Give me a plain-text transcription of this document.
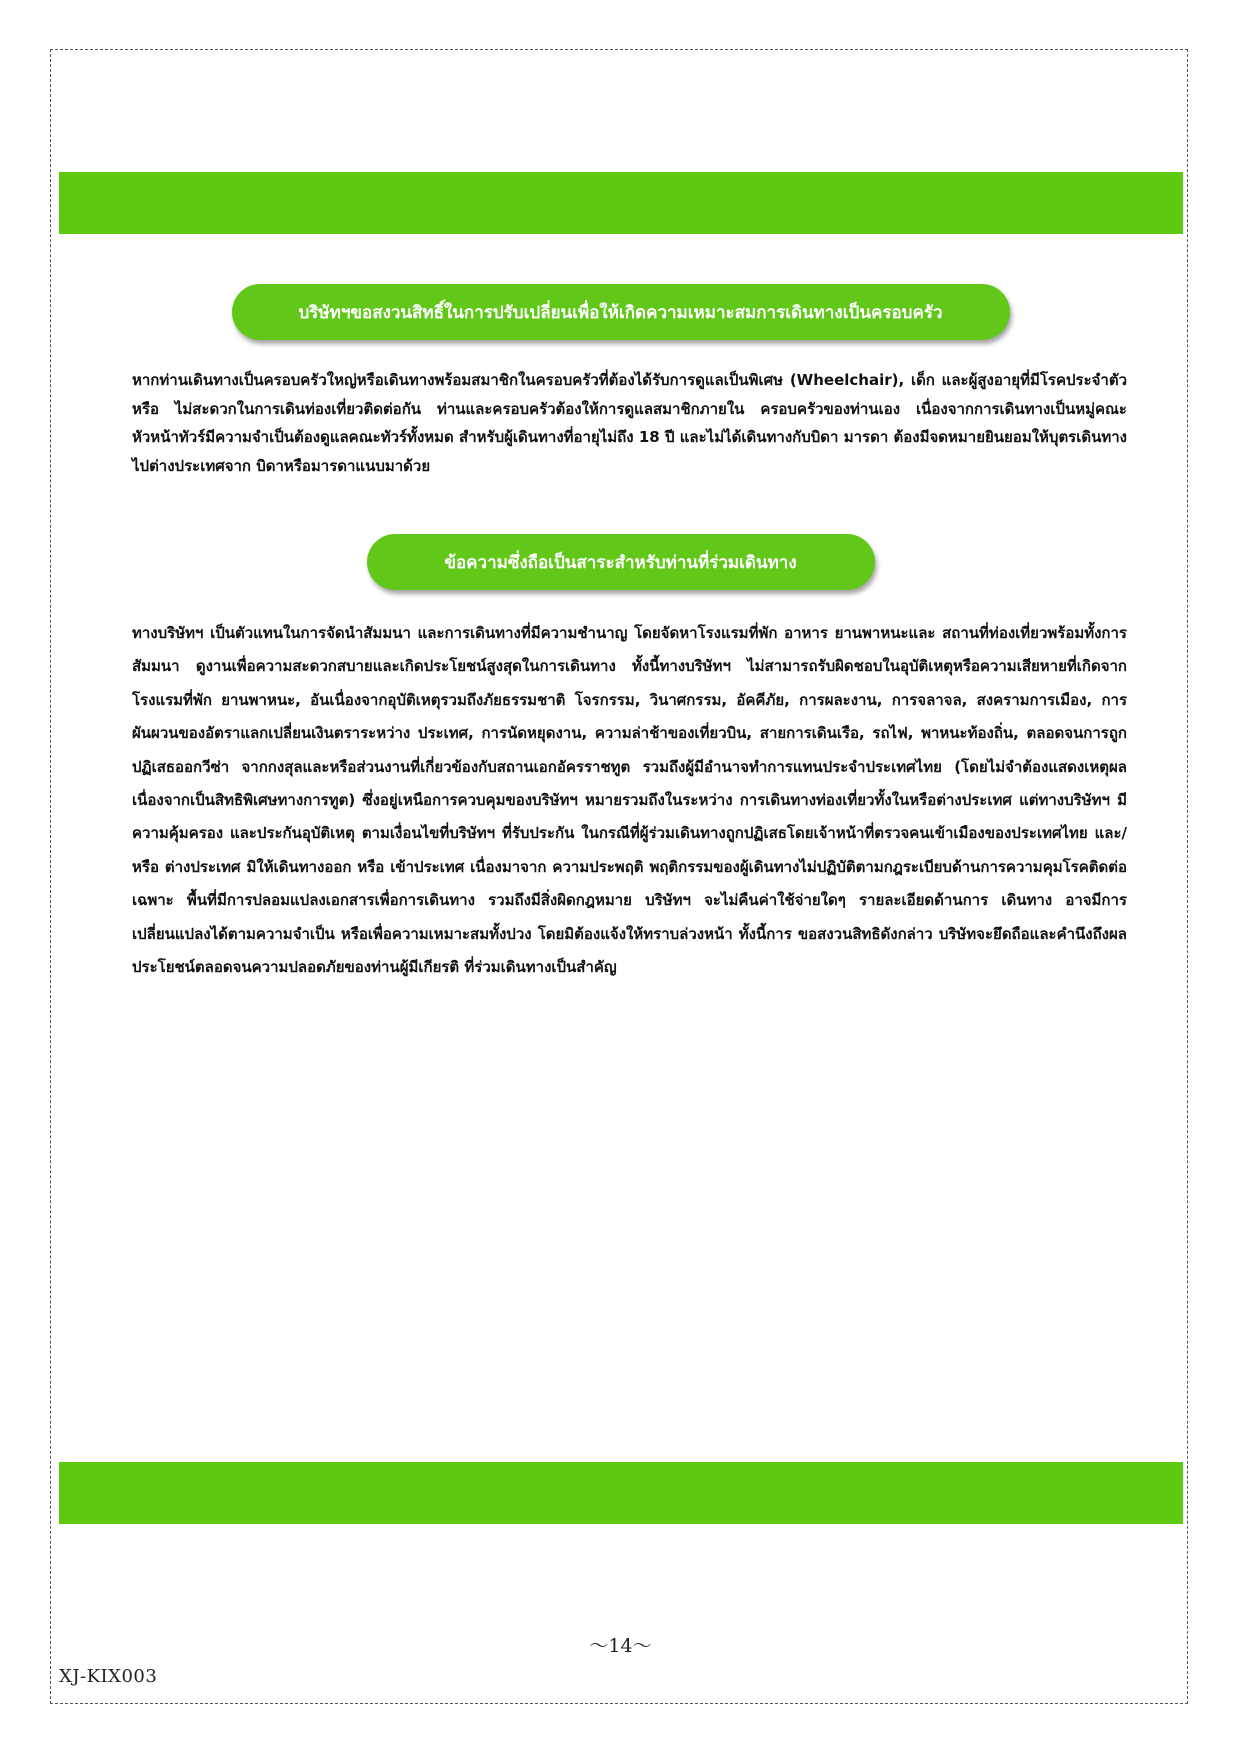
บริษัทฯขอสงวนสิทธิ์ในการปรับเปลี่ยนเพื่อให้เกิดความเหมาะสมการเดินทางเป็นครอบครัว

หากท่านเดินทางเป็นครอบครัวใหญ่หรือเดินทางพร้อมสมาชิกในครอบครัวที่ต้องได้รับการดูแลเป็นพิเศษ (Wheelchair), เด็ก และผู้สูงอายุที่มีโรคประจำตัว หรือ ไม่สะดวกในการเดินท่องเที่ยวติดต่อกัน ท่านและครอบครัวต้องให้การดูแลสมาชิกภายใน ครอบครัวของท่านเอง เนื่องจากการเดินทางเป็นหมู่คณะ หัวหน้าทัวร์มีความจำเป็นต้องดูแลคณะทัวร์ทั้งหมด สำหรับผู้เดินทางที่อายุไม่ถึง 18 ปี และไม่ได้เดินทางกับบิดา มารดา ต้องมีจดหมายยินยอมให้บุตรเดินทางไปต่างประเทศจาก บิดาหรือมารดาแนบมาด้วย

ข้อความซึ่งถือเป็นสาระสำหรับท่านที่ร่วมเดินทาง

ทางบริษัทฯ เป็นตัวแทนในการจัดนำสัมมนา และการเดินทางที่มีความชำนาญ โดยจัดหาโรงแรมที่พัก อาหาร ยานพาหนะและ สถานที่ท่องเที่ยวพร้อมทั้งการสัมมนา ดูงานเพื่อความสะดวกสบายและเกิดประโยชน์สูงสุดในการเดินทาง ทั้งนี้ทางบริษัทฯ ไม่สามารถรับผิดชอบในอุบัติเหตุหรือความเสียหายที่เกิดจากโรงแรมที่พัก ยานพาหนะ, อันเนื่องจากอุบัติเหตุรวมถึงภัยธรรมชาติ โจรกรรม, วินาศกรรม, อัคคีภัย, การผละงาน, การจลาจล, สงครามการเมือง, การผันผวนของอัตราแลกเปลี่ยนเงินตราระหว่าง ประเทศ, การนัดหยุดงาน, ความล่าช้าของเที่ยวบิน, สายการเดินเรือ, รถไฟ, พาหนะท้องถิ่น, ตลอดจนการถูกปฏิเสธออกวีซ่า จากกงสุลและหรือส่วนงานที่เกี่ยวข้องกับสถานเอกอัครราชทูต รวมถึงผู้มีอำนาจทำการแทนประจำประเทศไทย (โดยไม่จำต้องแสดงเหตุผล เนื่องจากเป็นสิทธิพิเศษทางการทูต) ซึ่งอยู่เหนือการควบคุมของบริษัทฯ หมายรวมถึงในระหว่าง การเดินทางท่องเที่ยวทั้งในหรือต่างประเทศ แต่ทางบริษัทฯ มีความคุ้มครอง และประกันอุบัติเหตุ ตามเงื่อนไขที่บริษัทฯ ที่รับประกัน ในกรณีที่ผู้ร่วมเดินทางถูกปฏิเสธโดยเจ้าหน้าที่ตรวจคนเข้าเมืองของประเทศไทย และ/หรือ ต่างประเทศ มิให้เดินทางออก หรือ เข้าประเทศ เนื่องมาจาก ความประพฤติ พฤติกรรมของผู้เดินทางไม่ปฏิบัติตามกฎระเบียบด้านการความคุมโรคติดต่อเฉพาะ พื้นที่มีการปลอมแปลงเอกสารเพื่อการเดินทาง รวมถึงมีสิ่งผิดกฎหมาย บริษัทฯ จะไม่คืนค่าใช้จ่ายใดๆ รายละเอียดด้านการ เดินทาง อาจมีการเปลี่ยนแปลงได้ตามความจำเป็น หรือเพื่อความเหมาะสมทั้งปวง โดยมิต้องแจ้งให้ทราบล่วงหน้า ทั้งนี้การ ขอสงวนสิทธิดังกล่าว บริษัทจะยึดถือและคำนึงถึงผลประโยชน์ตลอดจนความปลอดภัยของท่านผู้มีเกียรติ ที่ร่วมเดินทางเป็นสำคัญ

～14～
XJ-KIX003
